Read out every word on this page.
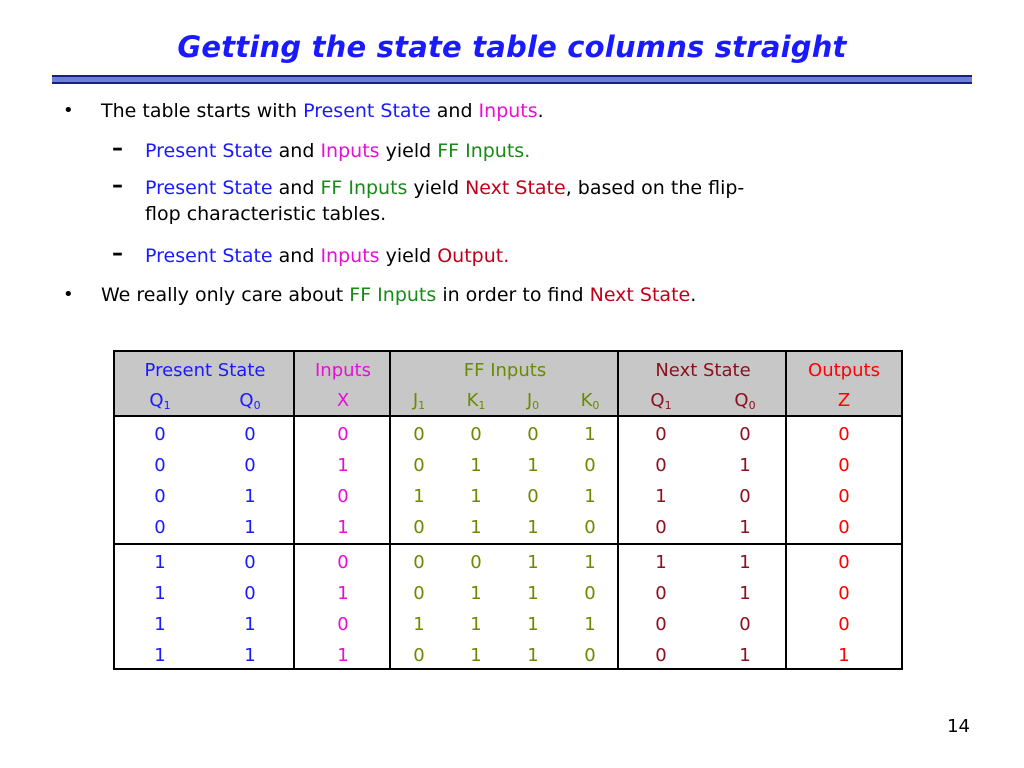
Getting the state table columns straight
• The table starts with Present State and Inputs.
– Present State and Inputs yield FF Inputs.
– Present State and FF Inputs yield Next State, based on the flip-
flop characteristic tables.
– Present State and Inputs yield Output.
• We really only care about FF Inputs in order to find Next State.
Present State	Inputs	FF Inputs	Next State	Outputs
$Q_1$	$Q_0$	X	$J_1$	$K_1$	$J_0$	$K_0$	$Q_1$	$Q_0$	Z
0	0	0	0	0	0	1	0	0	0
0	0	1	0	1	1	0	0	1	0
0	1	0	1	1	0	1	1	0	0
0	1	1	0	1	1	0	0	1	0
1	0	0	0	0	1	1	1	1	0
1	0	1	0	1	1	0	0	1	0
1	1	0	1	1	1	1	0	0	0
1	1	1	0	1	1	0	0	1	1
14
